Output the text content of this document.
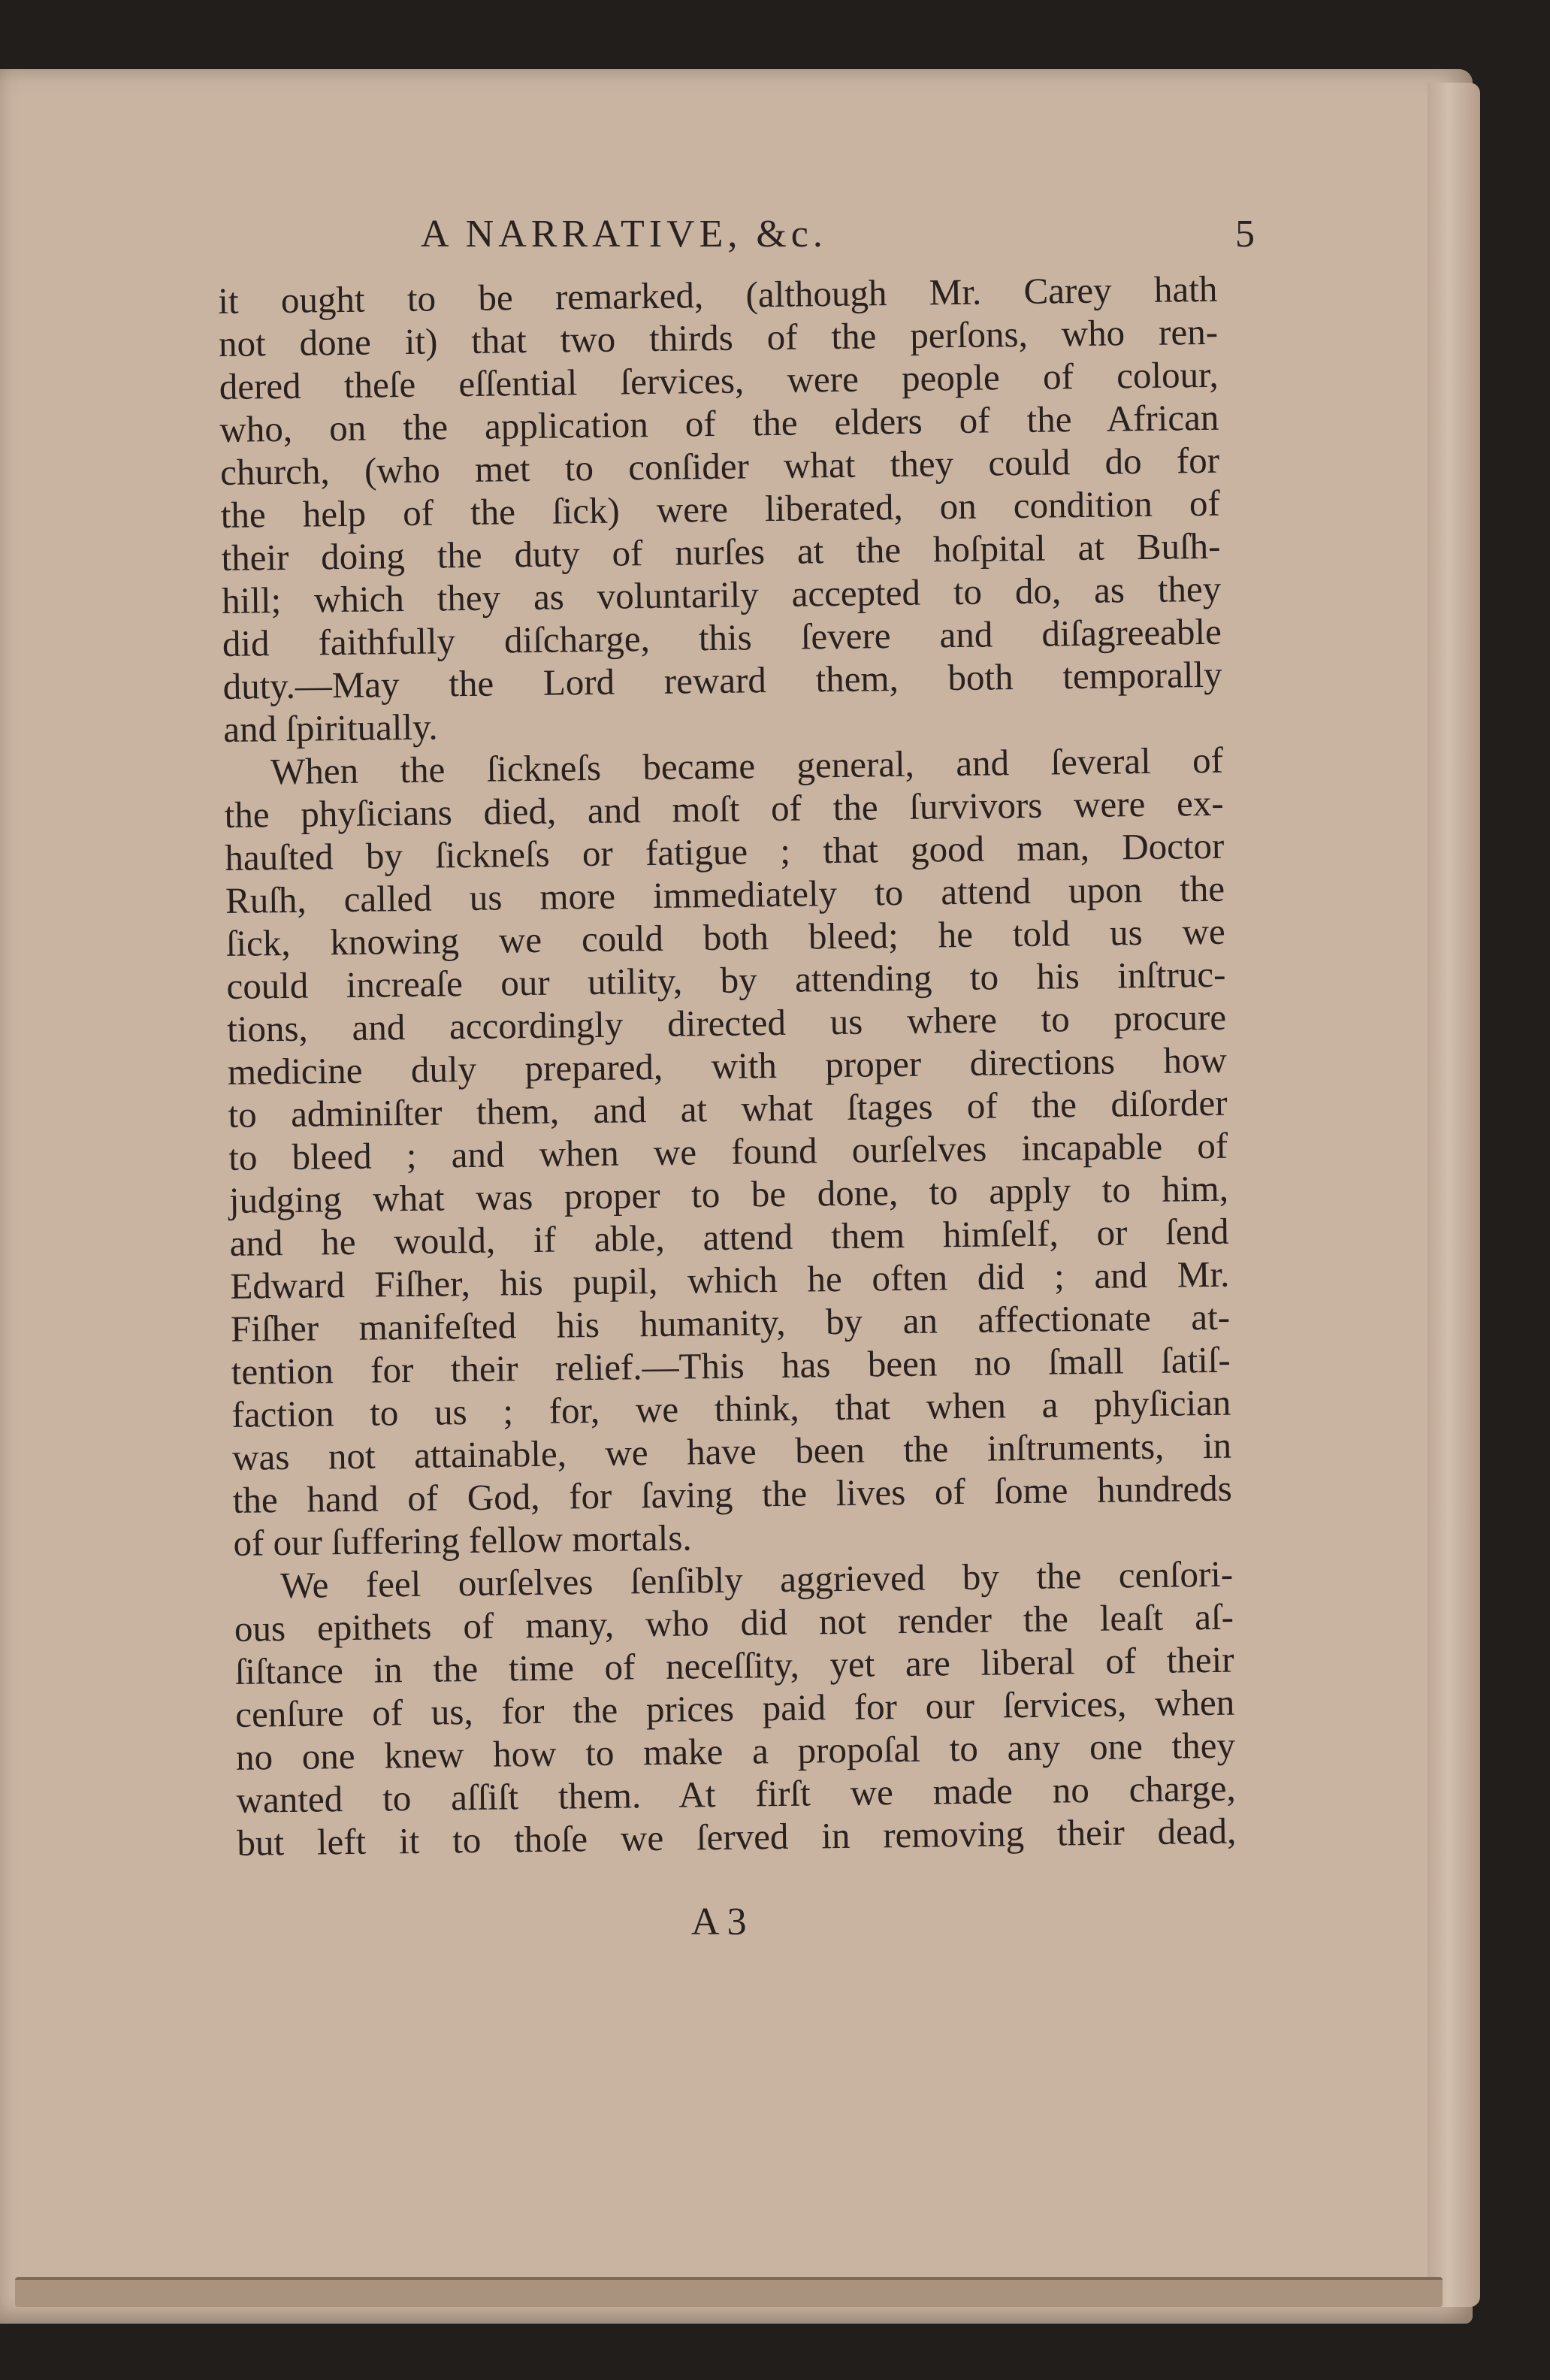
A NARRATIVE, &c.	5
it ought to be remarked, (although Mr. Carey hath
not done it) that two thirds of the perſons, who ren-
dered theſe eſſential ſervices, were people of colour,
who, on the application of the elders of the African
church, (who met to conſider what they could do for
the help of the ſick) were liberated, on condition of
their doing the duty of nurſes at the hoſpital at Buſh-
hill; which they as voluntarily accepted to do, as they
did faithfully diſcharge, this ſevere and diſagreeable
duty.—May the Lord reward them, both temporally
and ſpiritually.
When the ſickneſs became general, and ſeveral of
the phyſicians died, and moſt of the ſurvivors were ex-
hauſted by ſickneſs or fatigue ; that good man, Doctor
Ruſh, called us more immediately to attend upon the
ſick, knowing we could both bleed; he told us we
could increaſe our utility, by attending to his inſtruc-
tions, and accordingly directed us where to procure
medicine duly prepared, with proper directions how
to adminiſter them, and at what ſtages of the diſorder
to bleed ; and when we found ourſelves incapable of
judging what was proper to be done, to apply to him,
and he would, if able, attend them himſelf, or ſend
Edward Fiſher, his pupil, which he often did ; and Mr.
Fiſher manifeſted his humanity, by an affectionate at-
tention for their relief.—This has been no ſmall ſatiſ-
faction to us ; for, we think, that when a phyſician
was not attainable, we have been the inſtruments, in
the hand of God, for ſaving the lives of ſome hundreds
of our ſuffering fellow mortals.
We feel ourſelves ſenſibly aggrieved by the cenſori-
ous epithets of many, who did not render the leaſt aſ-
ſiſtance in the time of neceſſity, yet are liberal of their
cenſure of us, for the prices paid for our ſervices, when
no one knew how to make a propoſal to any one they
wanted to aſſiſt them. At firſt we made no charge,
but left it to thoſe we ſerved in removing their dead,
A 3
